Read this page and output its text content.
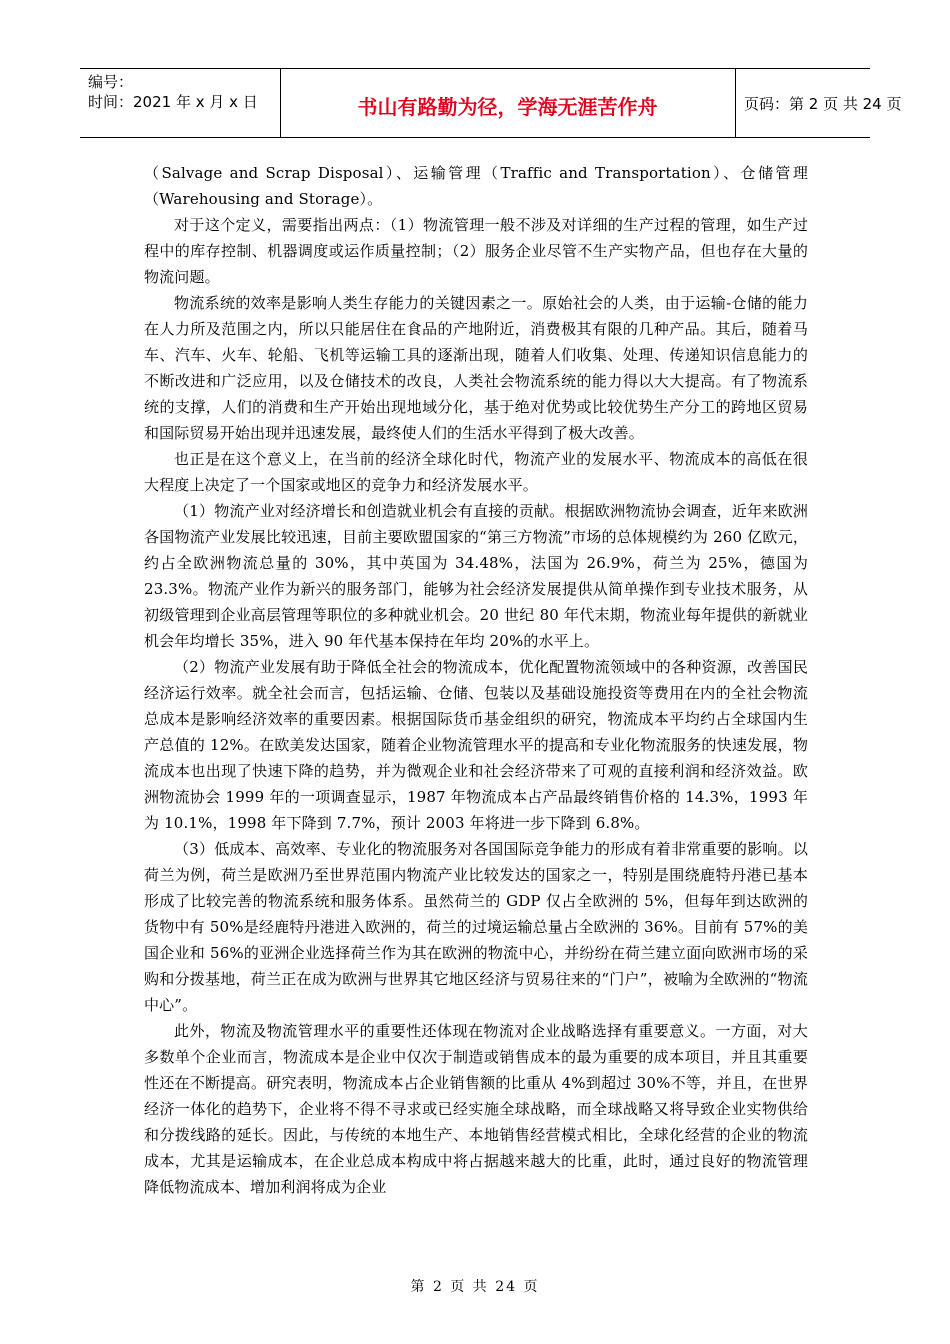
编号：
时间：2021 年 x 月 x 日	书山有路勤为径，学海无涯苦作舟	页码：第 2 页 共 24 页

（Salvage and Scrap Disposal）、运输管理（Traffic and Transportation）、仓储管理（Warehousing and Storage）。

对于这个定义，需要指出两点：（1）物流管理一般不涉及对详细的生产过程的管理，如生产过程中的库存控制、机器调度或运作质量控制；（2）服务企业尽管不生产实物产品，但也存在大量的物流问题。

物流系统的效率是影响人类生存能力的关键因素之一。原始社会的人类，由于运输-仓储的能力在人力所及范围之内，所以只能居住在食品的产地附近，消费极其有限的几种产品。其后，随着马车、汽车、火车、轮船、飞机等运输工具的逐渐出现，随着人们收集、处理、传递知识信息能力的不断改进和广泛应用，以及仓储技术的改良，人类社会物流系统的能力得以大大提高。有了物流系统的支撑，人们的消费和生产开始出现地域分化，基于绝对优势或比较优势生产分工的跨地区贸易和国际贸易开始出现并迅速发展，最终使人们的生活水平得到了极大改善。

也正是在这个意义上，在当前的经济全球化时代，物流产业的发展水平、物流成本的高低在很大程度上决定了一个国家或地区的竞争力和经济发展水平。

（1）物流产业对经济增长和创造就业机会有直接的贡献。根据欧洲物流协会调查，近年来欧洲各国物流产业发展比较迅速，目前主要欧盟国家的“第三方物流”市场的总体规模约为 260 亿欧元，约占全欧洲物流总量的 30%，其中英国为 34.48%，法国为 26.9%，荷兰为 25%，德国为 23.3%。物流产业作为新兴的服务部门，能够为社会经济发展提供从简单操作到专业技术服务，从初级管理到企业高层管理等职位的多种就业机会。20 世纪 80 年代末期，物流业每年提供的新就业机会年均增长 35%，进入 90 年代基本保持在年均 20%的水平上。

（2）物流产业发展有助于降低全社会的物流成本，优化配置物流领域中的各种资源，改善国民经济运行效率。就全社会而言，包括运输、仓储、包装以及基础设施投资等费用在内的全社会物流总成本是影响经济效率的重要因素。根据国际货币基金组织的研究，物流成本平均约占全球国内生产总值的 12%。在欧美发达国家，随着企业物流管理水平的提高和专业化物流服务的快速发展，物流成本也出现了快速下降的趋势，并为微观企业和社会经济带来了可观的直接利润和经济效益。欧洲物流协会 1999 年的一项调查显示，1987 年物流成本占产品最终销售价格的 14.3%，1993 年为 10.1%，1998 年下降到 7.7%，预计 2003 年将进一步下降到 6.8%。

（3）低成本、高效率、专业化的物流服务对各国国际竞争能力的形成有着非常重要的影响。以荷兰为例，荷兰是欧洲乃至世界范围内物流产业比较发达的国家之一，特别是围绕鹿特丹港已基本形成了比较完善的物流系统和服务体系。虽然荷兰的 GDP 仅占全欧洲的 5%，但每年到达欧洲的货物中有 50%是经鹿特丹港进入欧洲的，荷兰的过境运输总量占全欧洲的 36%。目前有 57%的美国企业和 56%的亚洲企业选择荷兰作为其在欧洲的物流中心，并纷纷在荷兰建立面向欧洲市场的采购和分拨基地，荷兰正在成为欧洲与世界其它地区经济与贸易往来的“门户”，被喻为全欧洲的“物流中心”。

此外，物流及物流管理水平的重要性还体现在物流对企业战略选择有重要意义。一方面，对大多数单个企业而言，物流成本是企业中仅次于制造或销售成本的最为重要的成本项目，并且其重要性还在不断提高。研究表明，物流成本占企业销售额的比重从 4%到超过 30%不等，并且，在世界经济一体化的趋势下，企业将不得不寻求或已经实施全球战略，而全球战略又将导致企业实物供给和分拨线路的延长。因此，与传统的本地生产、本地销售经营模式相比，全球化经营的企业的物流成本，尤其是运输成本，在企业总成本构成中将占据越来越大的比重，此时，通过良好的物流管理降低物流成本、增加利润将成为企业

第 2 页 共 24 页
